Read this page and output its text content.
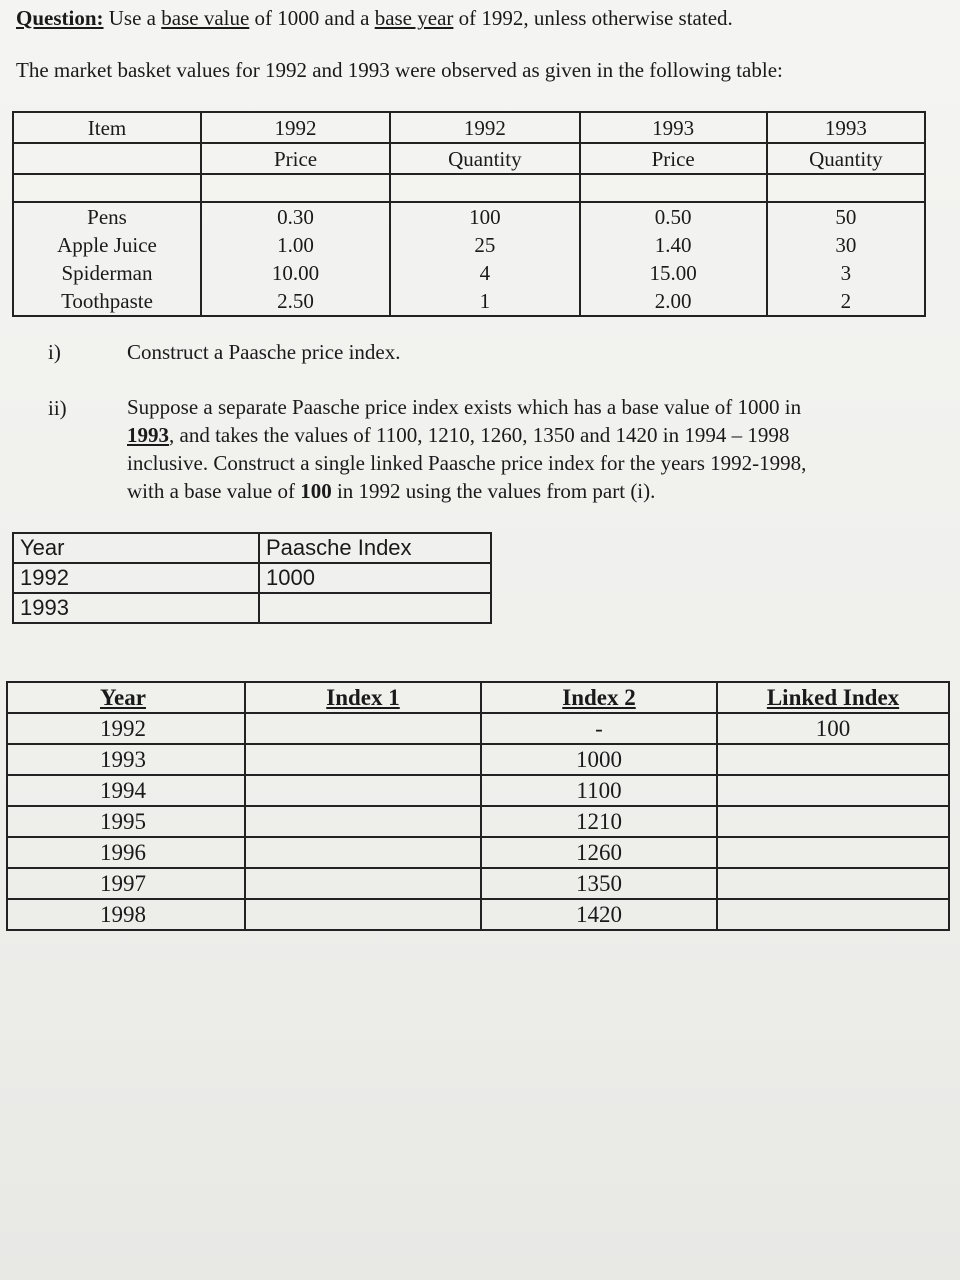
Question: Use a base value of 1000 and a base year of 1992, unless otherwise stated.
The market basket values for 1992 and 1993 were observed as given in the following table:
Item	1992	1992	1993	1993
	Price	Quantity	Price	Quantity

Pens	0.30	100	0.50	50
Apple Juice	1.00	25	1.40	30
Spiderman	10.00	4	15.00	3
Toothpaste	2.50	1	2.00	2
i)	Construct a Paasche price index.
ii)	Suppose a separate Paasche price index exists which has a base value of 1000 in
1993, and takes the values of 1100, 1210, 1260, 1350 and 1420 in 1994 – 1998
inclusive. Construct a single linked Paasche price index for the years 1992-1998,
with a base value of 100 in 1992 using the values from part (i).
Year	Paasche Index
1992	1000
1993	
Year	Index 1	Index 2	Linked Index
1992		-	100
1993		1000	
1994		1100	
1995		1210	
1996		1260	
1997		1350	
1998		1420	
